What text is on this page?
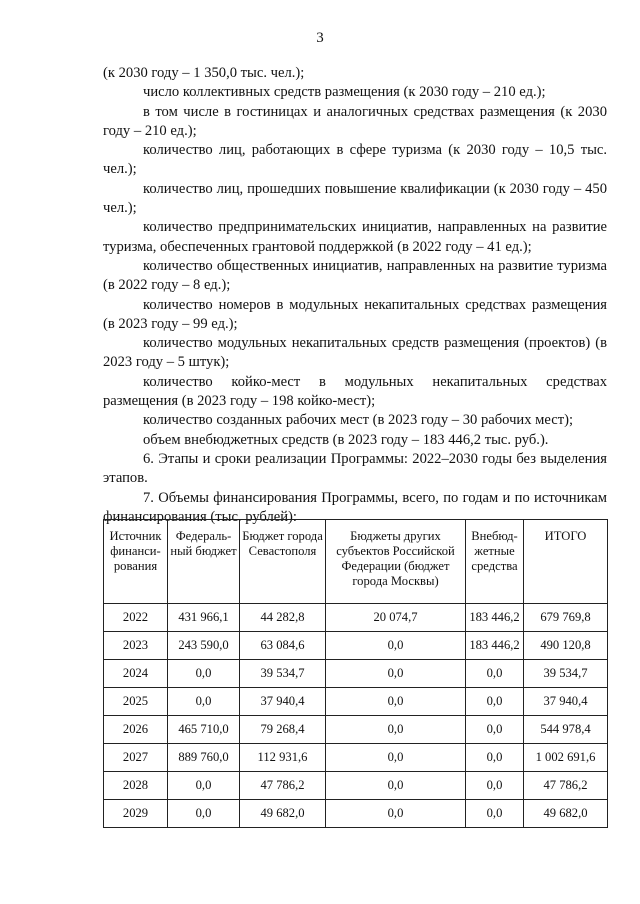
3

(к 2030 году – 1 350,0 тыс. чел.);

число коллективных средств размещения (к 2030 году – 210 ед.);

в том числе в гостиницах и аналогичных средствах размещения (к 2030 году – 210 ед.);

количество лиц, работающих в сфере туризма (к 2030 году – 10,5 тыс. чел.);

количество лиц, прошедших повышение квалификации (к 2030 году – 450 чел.);

количество предпринимательских инициатив, направленных на развитие туризма, обеспеченных грантовой поддержкой (в 2022 году – 41 ед.);

количество общественных инициатив, направленных на развитие туризма (в 2022 году – 8 ед.);

количество номеров в модульных некапитальных средствах размещения (в 2023 году – 99 ед.);

количество модульных некапитальных средств размещения (проектов) (в 2023 году – 5 штук);

количество койко-мест в модульных некапитальных средствах размещения (в 2023 году – 198 койко-мест);

количество созданных рабочих мест (в 2023 году – 30 рабочих мест);

объем внебюджетных средств (в 2023 году – 183 446,2 тыс. руб.).

6. Этапы и сроки реализации Программы: 2022–2030 годы без выделения этапов.

7. Объемы финансирования Программы, всего, по годам и по источникам финансирования (тыс. рублей):

Источник финанси-рования	Федераль-ный бюджет	Бюджет города Севастополя	Бюджеты других субъектов Российской Федерации (бюджет города Москвы)	Внебюд-жетные средства	ИТОГО
2022	431 966,1	44 282,8	20 074,7	183 446,2	679 769,8
2023	243 590,0	63 084,6	0,0	183 446,2	490 120,8
2024	0,0	39 534,7	0,0	0,0	39 534,7
2025	0,0	37 940,4	0,0	0,0	37 940,4
2026	465 710,0	79 268,4	0,0	0,0	544 978,4
2027	889 760,0	112 931,6	0,0	0,0	1 002 691,6
2028	0,0	47 786,2	0,0	0,0	47 786,2
2029	0,0	49 682,0	0,0	0,0	49 682,0
